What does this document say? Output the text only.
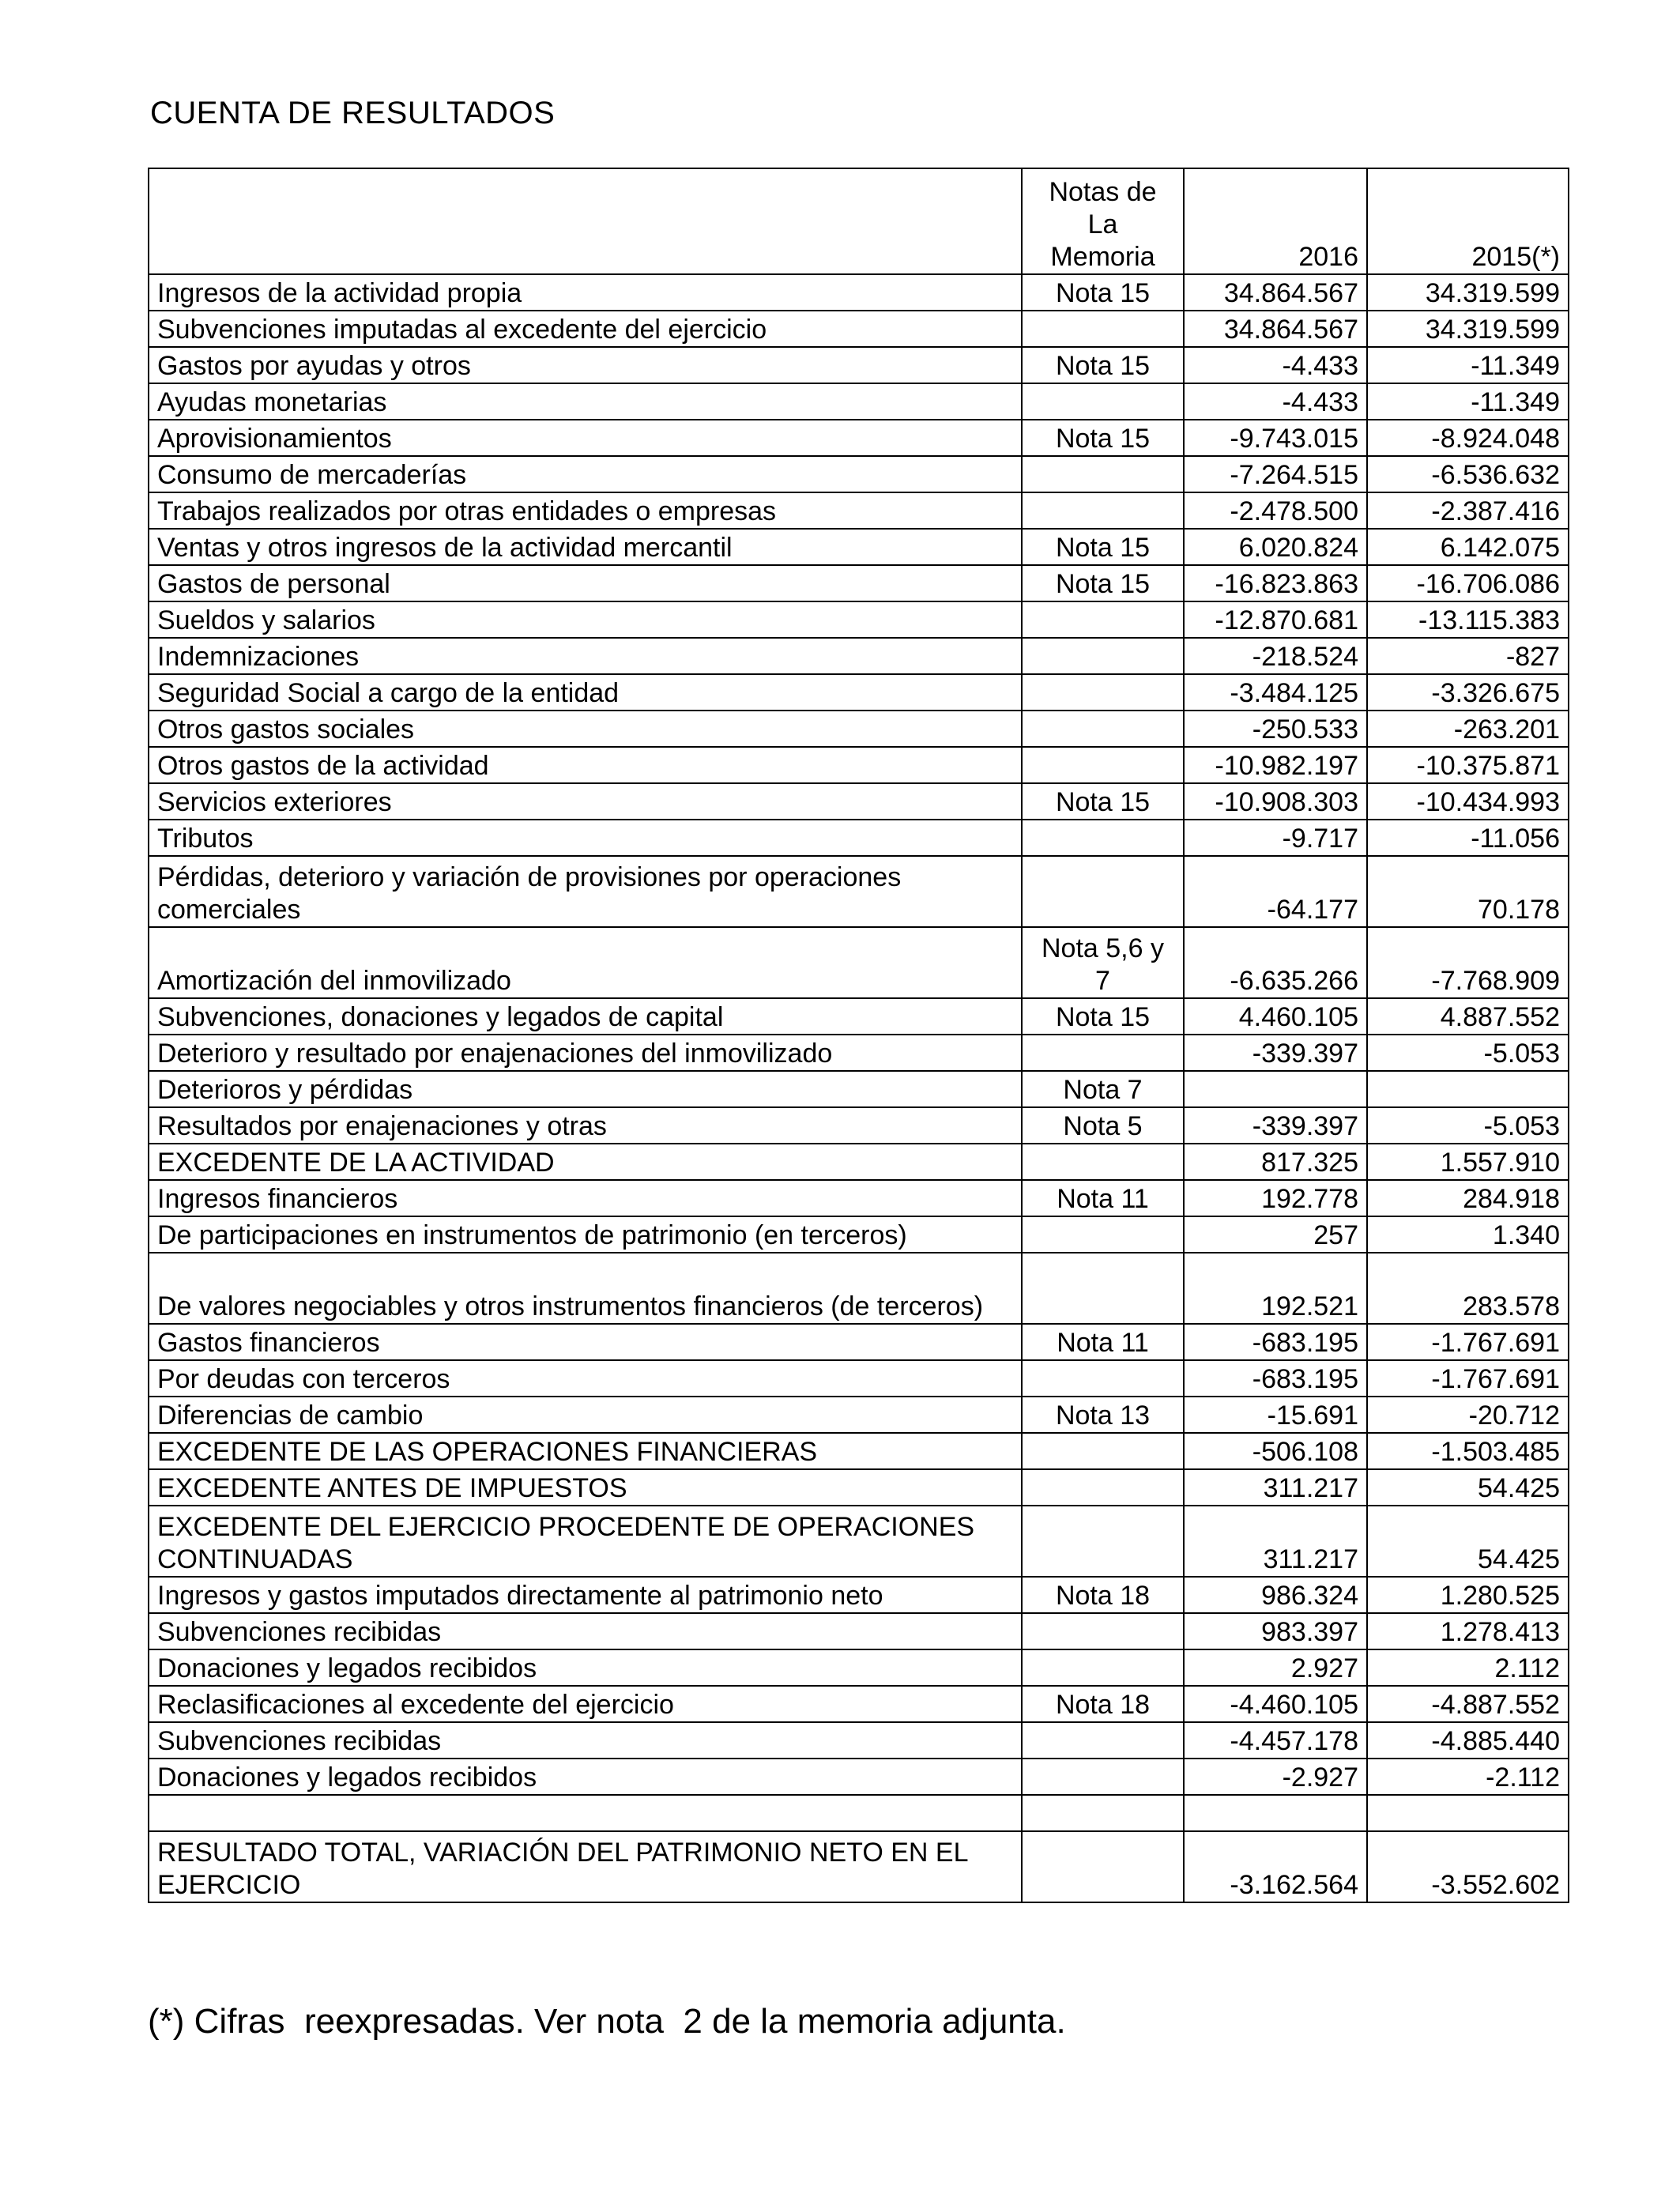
CUENTA DE RESULTADOS
	Notas de La Memoria	2016	2015(*)
Ingresos de la actividad propia	Nota 15	34.864.567	34.319.599
Subvenciones imputadas al excedente del ejercicio		34.864.567	34.319.599
Gastos por ayudas y otros	Nota 15	-4.433	-11.349
Ayudas monetarias		-4.433	-11.349
Aprovisionamientos	Nota 15	-9.743.015	-8.924.048
Consumo de mercaderías		-7.264.515	-6.536.632
Trabajos realizados por otras entidades o empresas		-2.478.500	-2.387.416
Ventas y otros ingresos de la actividad mercantil	Nota 15	6.020.824	6.142.075
Gastos de personal	Nota 15	-16.823.863	-16.706.086
Sueldos y salarios		-12.870.681	-13.115.383
Indemnizaciones		-218.524	-827
Seguridad Social a cargo de la entidad		-3.484.125	-3.326.675
Otros gastos sociales		-250.533	-263.201
Otros gastos de la actividad		-10.982.197	-10.375.871
Servicios exteriores	Nota 15	-10.908.303	-10.434.993
Tributos		-9.717	-11.056
Pérdidas, deterioro y variación de provisiones por operaciones comerciales		-64.177	70.178
Amortización del inmovilizado	Nota 5,6 y 7	-6.635.266	-7.768.909
Subvenciones, donaciones y legados de capital	Nota 15	4.460.105	4.887.552
Deterioro y resultado por enajenaciones del inmovilizado		-339.397	-5.053
Deterioros y pérdidas	Nota 7		
Resultados por enajenaciones y otras	Nota 5	-339.397	-5.053
EXCEDENTE DE LA ACTIVIDAD		817.325	1.557.910
Ingresos financieros	Nota 11	192.778	284.918
De participaciones en instrumentos de patrimonio (en terceros)		257	1.340
De valores negociables y otros instrumentos financieros (de terceros)		192.521	283.578
Gastos financieros	Nota 11	-683.195	-1.767.691
Por deudas con terceros		-683.195	-1.767.691
Diferencias de cambio	Nota 13	-15.691	-20.712
EXCEDENTE DE LAS OPERACIONES FINANCIERAS		-506.108	-1.503.485
EXCEDENTE ANTES DE IMPUESTOS		311.217	54.425
EXCEDENTE DEL EJERCICIO PROCEDENTE DE OPERACIONES CONTINUADAS		311.217	54.425
Ingresos y gastos imputados directamente al patrimonio neto	Nota 18	986.324	1.280.525
Subvenciones recibidas		983.397	1.278.413
Donaciones y legados recibidos		2.927	2.112
Reclasificaciones al excedente del ejercicio	Nota 18	-4.460.105	-4.887.552
Subvenciones recibidas		-4.457.178	-4.885.440
Donaciones y legados recibidos		-2.927	-2.112

RESULTADO TOTAL, VARIACIÓN DEL PATRIMONIO NETO EN EL EJERCICIO		-3.162.564	-3.552.602
(*) Cifras  reexpresadas. Ver nota  2 de la memoria adjunta.
